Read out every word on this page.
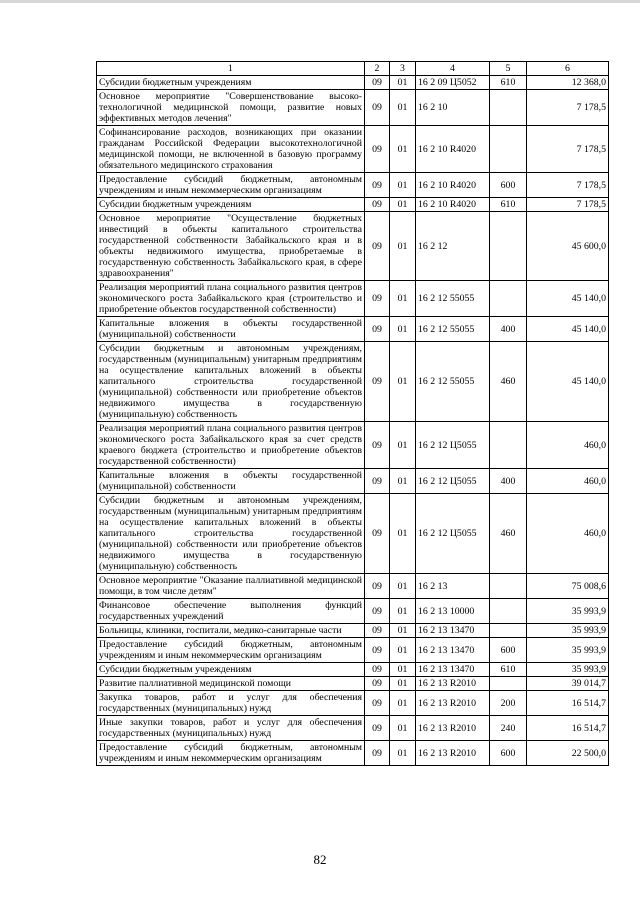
1	2	3	4	5	6
Субсидии бюджетным учреждениям	09	01	16 2 09 Ц5052	610	12 368,0
Основное мероприятие "Совершенствование высоко-технологичной медицинской помощи, развитие новых эффективных методов лечения"	09	01	16 2 10		7 178,5
Софинансирование расходов, возникающих при оказании гражданам Российской Федерации высокотехнологичной медицинской помощи, не включенной в базовую программу обязательного медицинского страхования	09	01	16 2 10 R4020		7 178,5
Предоставление субсидий бюджетным, автономным учреждениям и иным некоммерческим организациям	09	01	16 2 10 R4020	600	7 178,5
Субсидии бюджетным учреждениям	09	01	16 2 10 R4020	610	7 178,5
Основное мероприятие "Осуществление бюджетных инвестиций в объекты капитального строительства государственной собственности Забайкальского края и в объекты недвижимого имущества, приобретаемые в государственную собственность Забайкальского края, в сфере здравоохранения"	09	01	16 2 12		45 600,0
Реализация мероприятий плана социального развития центров экономического роста Забайкальского края (строительство и приобретение объектов государственной собственности)	09	01	16 2 12 55055		45 140,0
Капитальные вложения в объекты государственной (муниципальной) собственности	09	01	16 2 12 55055	400	45 140,0
Субсидии бюджетным и автономным учреждениям, государственным (муниципальным) унитарным предприятиям на осуществление капитальных вложений в объекты капитального строительства государственной (муниципальной) собственности или приобретение объектов недвижимого имущества в государственную (муниципальную) собственность	09	01	16 2 12 55055	460	45 140,0
Реализация мероприятий плана социального развития центров экономического роста Забайкальского края за счет средств краевого бюджета (строительство и приобретение объектов государственной собственности)	09	01	16 2 12 Ц5055		460,0
Капитальные вложения в объекты государственной (муниципальной) собственности	09	01	16 2 12 Ц5055	400	460,0
Субсидии бюджетным и автономным учреждениям, государственным (муниципальным) унитарным предприятиям на осуществление капитальных вложений в объекты капитального строительства государственной (муниципальной) собственности или приобретение объектов недвижимого имущества в государственную (муниципальную) собственность	09	01	16 2 12 Ц5055	460	460,0
Основное мероприятие "Оказание паллиативной медицинской помощи, в том числе детям"	09	01	16 2 13		75 008,6
Финансовое обеспечение выполнения функций государственных учреждений	09	01	16 2 13 10000		35 993,9
Больницы, клиники, госпитали, медико-санитарные части	09	01	16 2 13 13470		35 993,9
Предоставление субсидий бюджетным, автономным учреждениям и иным некоммерческим организациям	09	01	16 2 13 13470	600	35 993,9
Субсидии бюджетным учреждениям	09	01	16 2 13 13470	610	35 993,9
Развитие паллиативной медицинской помощи	09	01	16 2 13 R2010		39 014,7
Закупка товаров, работ и услуг для обеспечения государственных (муниципальных) нужд	09	01	16 2 13 R2010	200	16 514,7
Иные закупки товаров, работ и услуг для обеспечения государственных (муниципальных) нужд	09	01	16 2 13 R2010	240	16 514,7
Предоставление субсидий бюджетным, автономным учреждениям и иным некоммерческим организациям	09	01	16 2 13 R2010	600	22 500,0
82
